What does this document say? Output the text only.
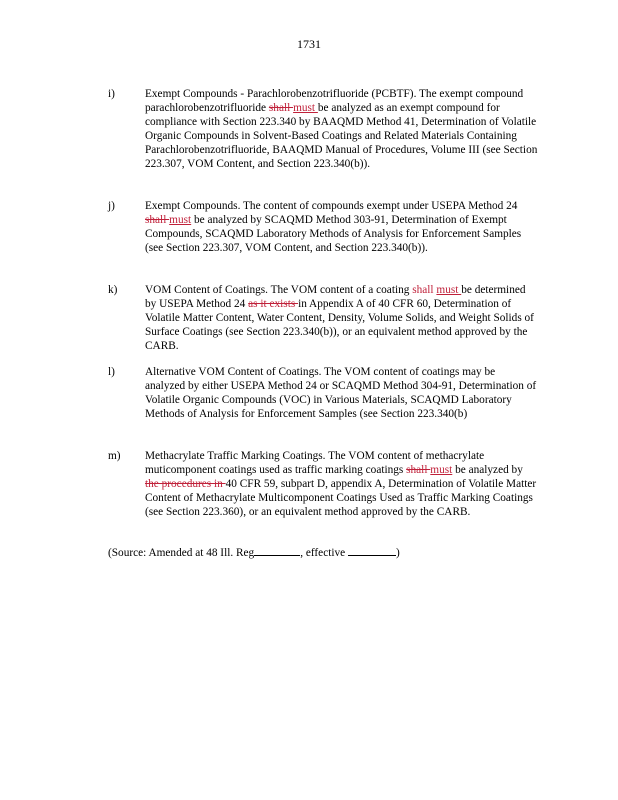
1731
i)	Exempt Compounds - Parachlorobenzotrifluoride (PCBTF). The exempt compound parachlorobenzotrifluoride shall must be analyzed as an exempt compound for compliance with Section 223.340 by BAAQMD Method 41, Determination of Volatile Organic Compounds in Solvent-Based Coatings and Related Materials Containing Parachlorobenzotrifluoride, BAAQMD Manual of Procedures, Volume III (see Section 223.307, VOM Content, and Section 223.340(b)).
j)	Exempt Compounds. The content of compounds exempt under USEPA Method 24 shall must be analyzed by SCAQMD Method 303-91, Determination of Exempt Compounds, SCAQMD Laboratory Methods of Analysis for Enforcement Samples (see Section 223.307, VOM Content, and Section 223.340(b)).
k)	VOM Content of Coatings. The VOM content of a coating shall must be determined by USEPA Method 24 as it exists in Appendix A of 40 CFR 60, Determination of Volatile Matter Content, Water Content, Density, Volume Solids, and Weight Solids of Surface Coatings (see Section 223.340(b)), or an equivalent method approved by the CARB.
l)	Alternative VOM Content of Coatings. The VOM content of coatings may be analyzed by either USEPA Method 24 or SCAQMD Method 304-91, Determination of Volatile Organic Compounds (VOC) in Various Materials, SCAQMD Laboratory Methods of Analysis for Enforcement Samples (see Section 223.340(b)
m)	Methacrylate Traffic Marking Coatings. The VOM content of methacrylate muticomponent coatings used as traffic marking coatings shall must be analyzed by the procedures in 40 CFR 59, subpart D, appendix A, Determination of Volatile Matter Content of Methacrylate Multicomponent Coatings Used as Traffic Marking Coatings (see Section 223.360), or an equivalent method approved by the CARB.
(Source: Amended at 48 Ill. Reg	, effective	)
